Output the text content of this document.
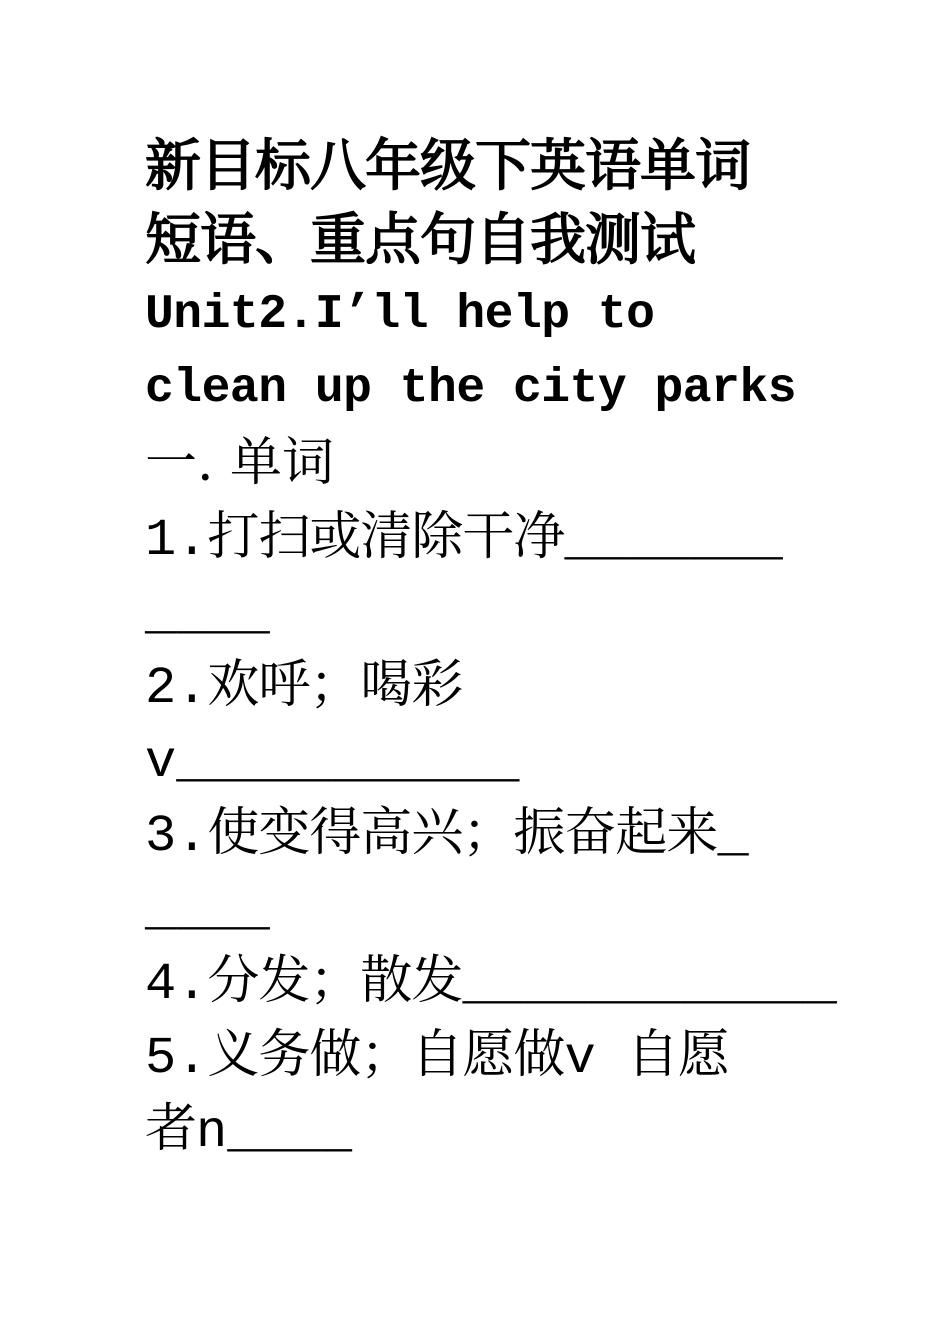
新目标八年级下英语单词
短语、重点句自我测试
Unit2.I’ll help to
clean up the city parks
一. 单词
1.打扫或清除干净_______
____
2.欢呼；喝彩
v___________
3.使变得高兴；振奋起来_
____
4.分发；散发____________
5.义务做；自愿做v 自愿
者n____
